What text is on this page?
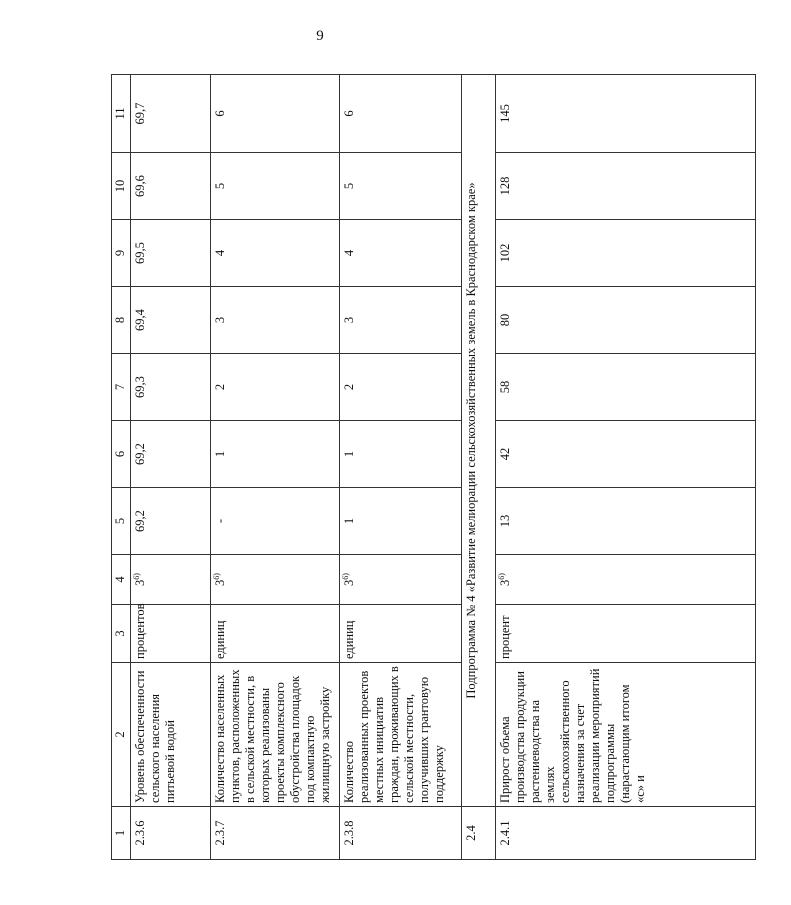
9
1	2	3	4	5	6	7	8	9	10	11
2.3.6	Уровень обеспеченности сельского населения питьевой водой	процентов	3$^{6)}$	69,2	69,2	69,3	69,4	69,5	69,6	69,7
2.3.7	Количество населенных пунктов, расположенных в сельской местности, в которых реализованы проекты комплексного обустройства площадок под компактную жилищную застройку	единиц	3$^{6)}$	-	1	2	3	4	5	6
2.3.8	Количество реализованных проектов местных инициатив граждан, проживающих в сельской местности, получивших грантовую поддержку	единиц	3$^{6)}$	1	1	2	3	4	5	6
2.4	Подпрограмма № 4 «Развитие мелиорации сельскохозяйственных земель в Краснодарском крае»									
2.4.1	Прирост объема производства продукции растениеводства на землях сельскохозяйственного назначения за счет реализации мероприятий подпрограммы (нарастающим итогом «с» и	процент	3$^{6)}$	13	42	58	80	102	128	145
